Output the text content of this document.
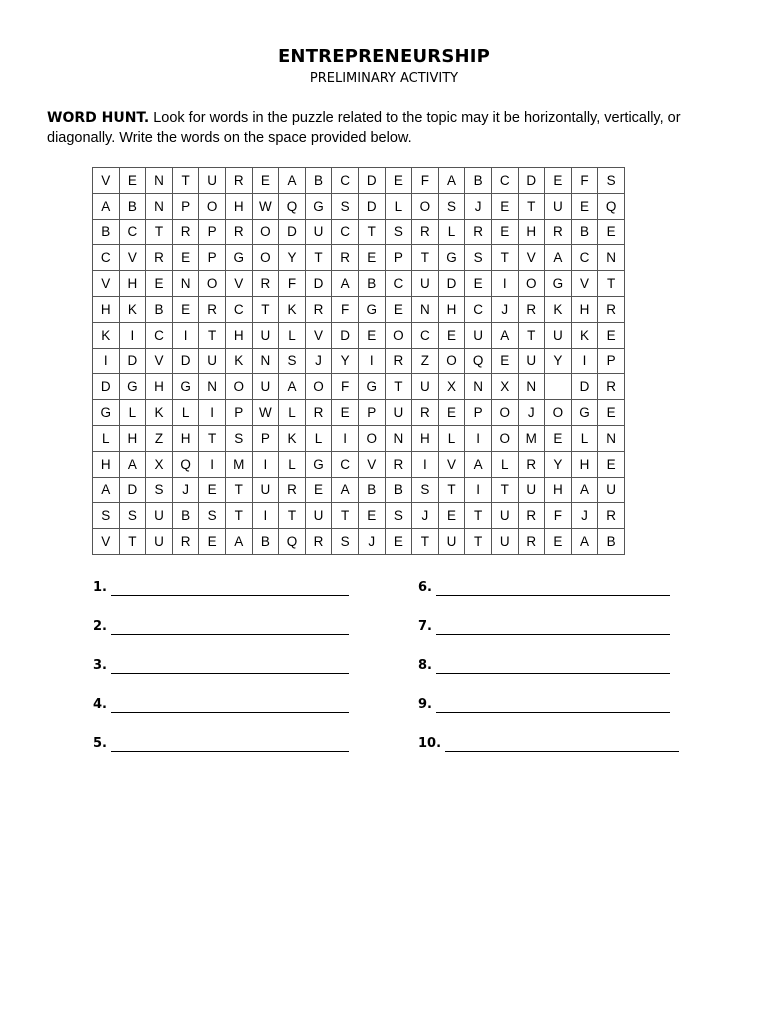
ENTREPRENEURSHIP
PRELIMINARY ACTIVITY
WORD HUNT. Look for words in the puzzle related to the topic may it be horizontally, vertically, or diagonally. Write the words on the space provided below.
V	E	N	T	U	R	E	A	B	C	D	E	F	A	B	C	D	E	F	S
A	B	N	P	O	H	W	Q	G	S	D	L	O	S	J	E	T	U	E	Q
B	C	T	R	P	R	O	D	U	C	T	S	R	L	R	E	H	R	B	E
C	V	R	E	P	G	O	Y	T	R	E	P	T	G	S	T	V	A	C	N
V	H	E	N	O	V	R	F	D	A	B	C	U	D	E	I	O	G	V	T
H	K	B	E	R	C	T	K	R	F	G	E	N	H	C	J	R	K	H	R
K	I	C	I	T	H	U	L	V	D	E	O	C	E	U	A	T	U	K	E
I	D	V	D	U	K	N	S	J	Y	I	R	Z	O	Q	E	U	Y	I	P
D	G	H	G	N	O	U	A	O	F	G	T	U	X	N	X	N		D	R
G	L	K	L	I	P	W	L	R	E	P	U	R	E	P	O	J	O	G	E
L	H	Z	H	T	S	P	K	L	I	O	N	H	L	I	O	M	E	L	N
H	A	X	Q	I	M	I	L	G	C	V	R	I	V	A	L	R	Y	H	E
A	D	S	J	E	T	U	R	E	A	B	B	S	T	I	T	U	H	A	U
S	S	U	B	S	T	I	T	U	T	E	S	J	E	T	U	R	F	J	R
V	T	U	R	E	A	B	Q	R	S	J	E	T	U	T	U	R	E	A	B
1.
2.
3.
4.
5.
6.
7.
8.
9.
10.
